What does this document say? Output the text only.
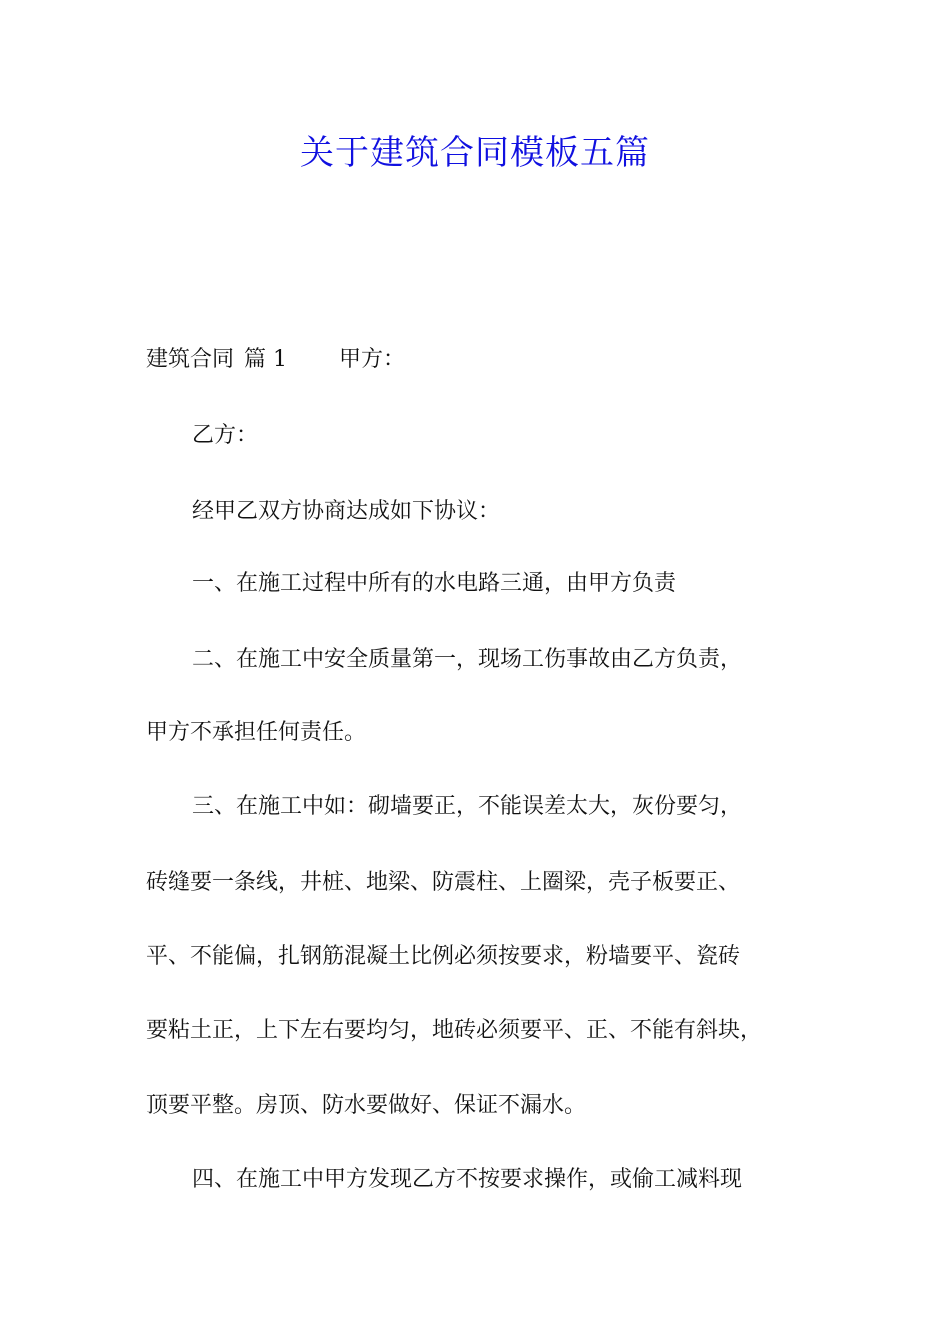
关于建筑合同模板五篇
建筑合同 篇 1 甲方：
乙方：
经甲乙双方协商达成如下协议：
一、在施工过程中所有的水电路三通，由甲方负责
二、在施工中安全质量第一，现场工伤事故由乙方负责，
甲方不承担任何责任。
三、在施工中如：砌墙要正，不能误差太大，灰份要匀，
砖缝要一条线，井桩、地梁、防震柱、上圈梁，壳子板要正、
平、不能偏，扎钢筋混凝土比例必须按要求，粉墙要平、瓷砖
要粘土正，上下左右要均匀，地砖必须要平、正、不能有斜块，
顶要平整。房顶、防水要做好、保证不漏水。
四、在施工中甲方发现乙方不按要求操作，或偷工减料现
